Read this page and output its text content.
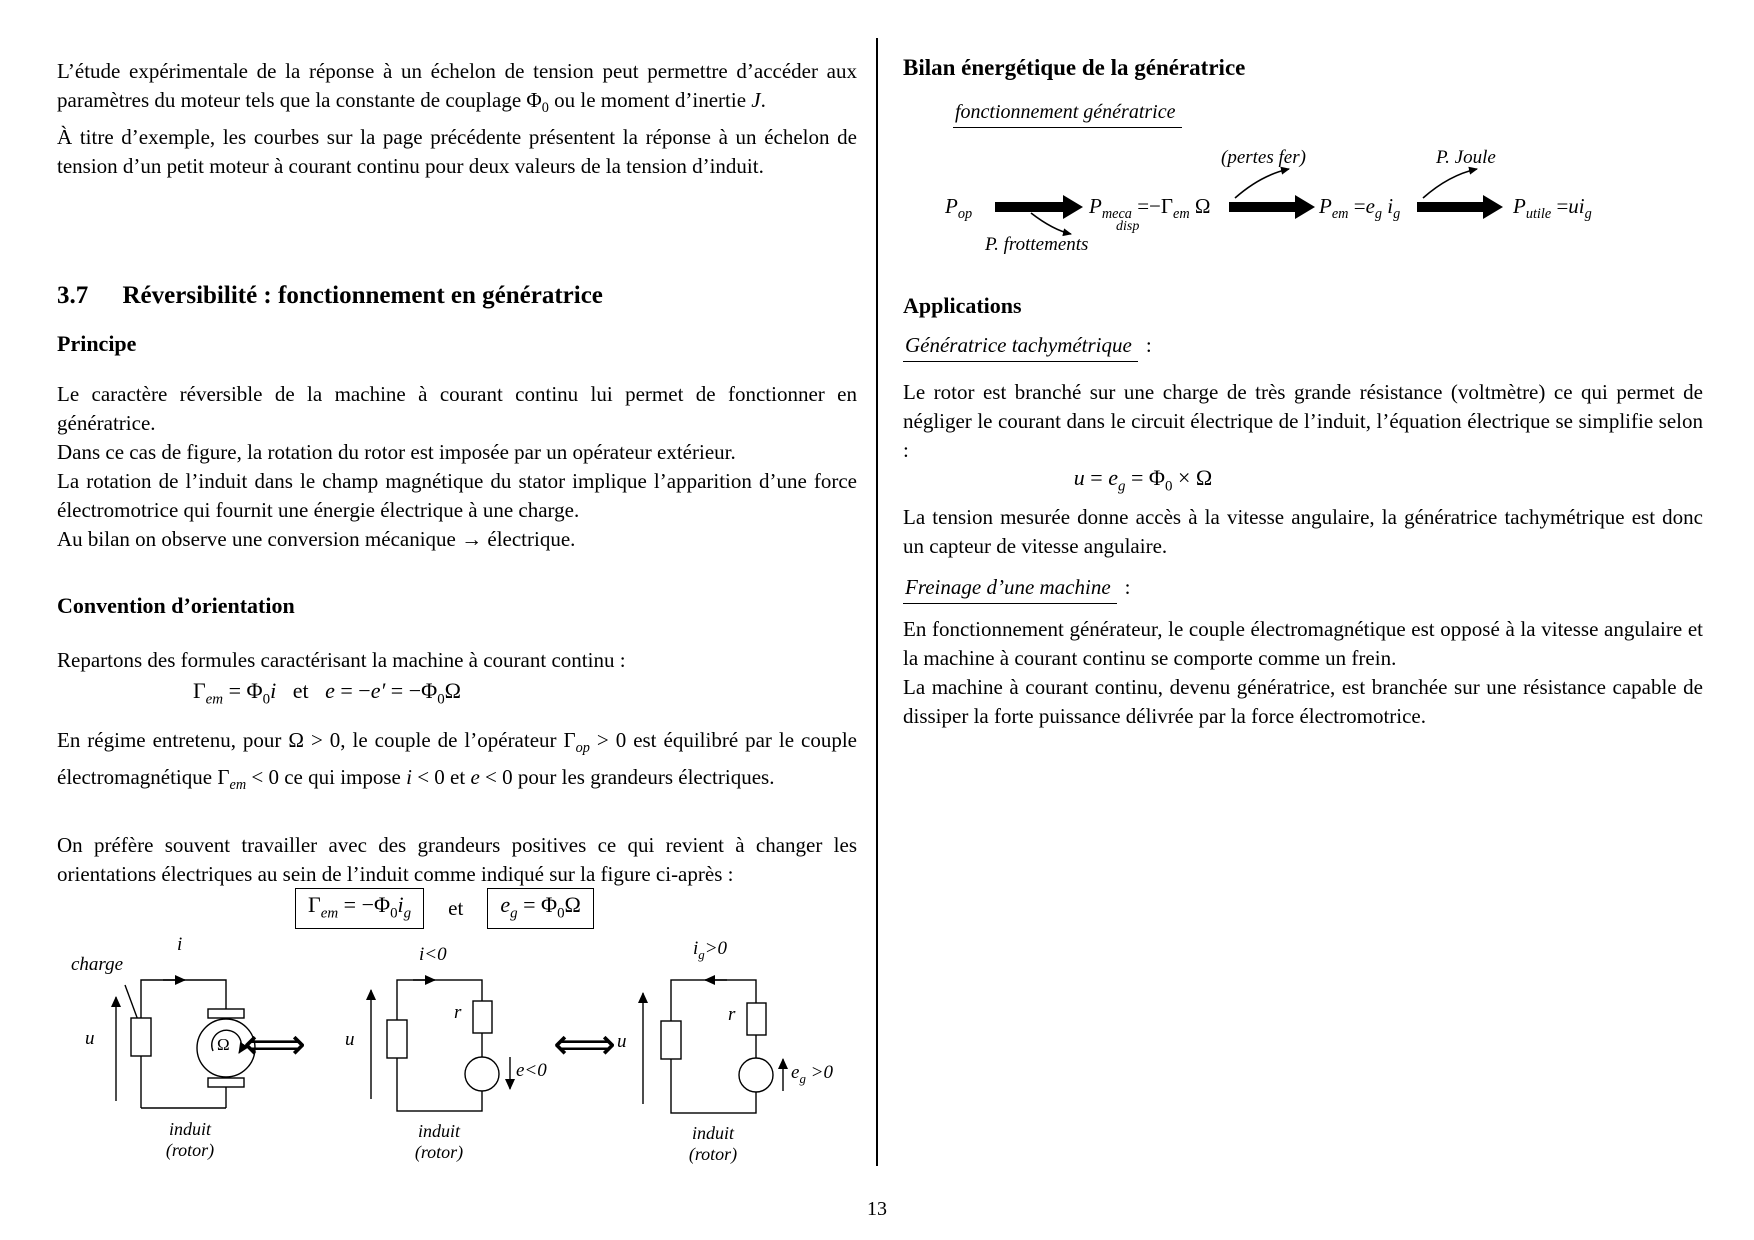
L’étude expérimentale de la réponse à un échelon de tension peut permettre d’accéder aux paramètres du moteur tels que la constante de couplage $\Phi_0$ ou le moment d’inertie J.
À titre d’exemple, les courbes sur la page précédente présentent la réponse à un échelon de tension d’un petit moteur à courant continu pour deux valeurs de la tension d’induit.
3.7 Réversibilité : fonctionnement en génératrice
Principe
Le caractère réversible de la machine à courant continu lui permet de fonctionner en génératrice.
Dans ce cas de figure, la rotation du rotor est imposée par un opérateur extérieur.
La rotation de l’induit dans le champ magnétique du stator implique l’apparition d’une force électromotrice qui fournit une énergie électrique à une charge.
Au bilan on observe une conversion mécanique → électrique.
Convention d’orientation
Repartons des formules caractérisant la machine à courant continu :
$\Gamma_{em} = \Phi_0i$   et   $e = -e' = -\Phi_0\Omega$
En régime entretenu, pour Ω > 0, le couple de l’opérateur $\Gamma_{op} > 0$ est équilibré par le couple électromagnétique $\Gamma_{em} < 0$ ce qui impose i < 0 et e < 0 pour les grandeurs électriques.
On préfère souvent travailler avec des grandeurs positives ce qui revient à changer les orientations électriques au sein de l’induit comme indiqué sur la figure ci-après :
$\Gamma_{em} = -\Phi_0i_g$	et	$e_g = \Phi_0\Omega$
charge
i
u	Ω
induit
(rotor)
⟺
i<0
u
r
e<0
induit
(rotor)
⟺
$i_g>0$
u
r
$e_g >0$
induit
(rotor)
Bilan énergétique de la génératrice
fonctionnement génératrice
(pertes fer)	P. Joule
$P_{op}$	$P_{meca} =-\Gamma_{em}$ Ω
disp
$P_{em} =e_g$ $i_g$	$P_{utile} =ui_g$
P. frottements
Applications
Génératrice tachymétrique :
Le rotor est branché sur une charge de très grande résistance (voltmètre) ce qui permet de négliger le courant dans le circuit électrique de l’induit, l’équation électrique se simplifie selon :
$u = e_g = \Phi_0 \times \Omega$
La tension mesurée donne accès à la vitesse angulaire, la génératrice tachymétrique est donc un capteur de vitesse angulaire.
Freinage d’une machine :
En fonctionnement générateur, le couple électromagnétique est opposé à la vitesse angulaire et la machine à courant continu se comporte comme un frein.
La machine à courant continu, devenu génératrice, est branchée sur une résistance capable de dissiper la forte puissance délivrée par la force électromotrice.
13
